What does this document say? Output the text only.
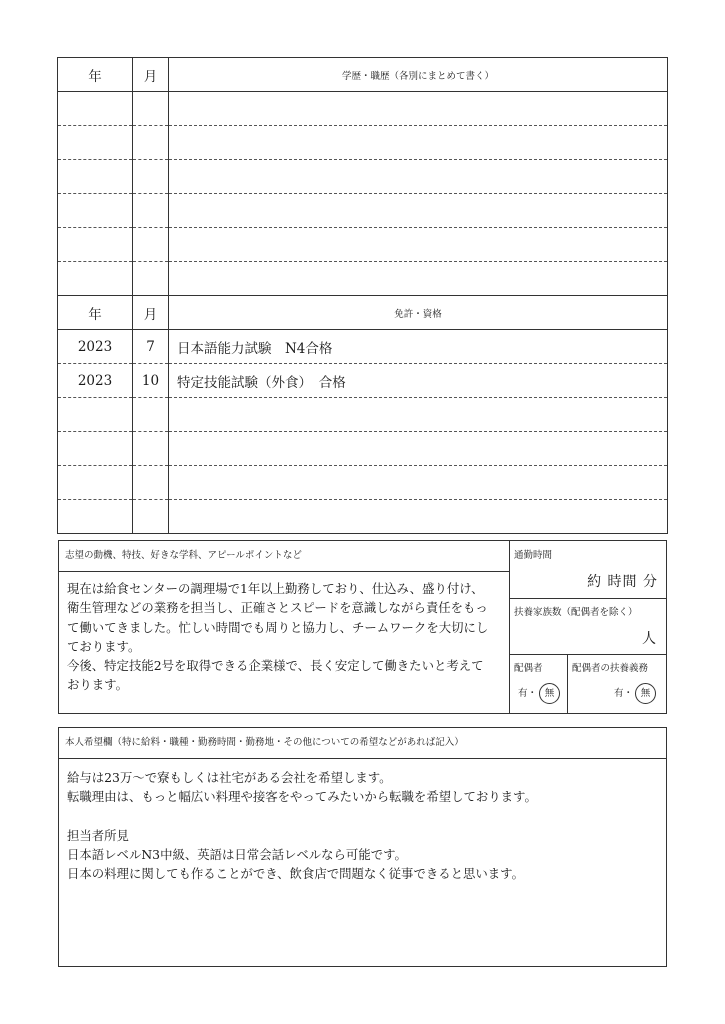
年	月	学歴・職歴（各別にまとめて書く）

年	月	免許・資格
2023	7	日本語能力試験　N4合格
2023	10	特定技能試験（外食）　合格

志望の動機、特技、好きな学科、アピールポイントなど
現在は給食センターの調理場で1年以上勤務しており、仕込み、盛り付け、
衛生管理などの業務を担当し、正確さとスピードを意識しながら責任をもっ
て働いてきました。忙しい時間でも周りと協力し、チームワークを大切にし
ております。
今後、特定技能2号を取得できる企業様で、長く安定して働きたいと考えて
おります。
通勤時間
約 時間 分
扶養家族数（配偶者を除く）
人
配偶者
有・ 無
配偶者の扶養義務
有・ 無
本人希望欄（特に給料・職種・勤務時間・勤務地・その他についての希望などがあれば記入）
給与は23万～で寮もしくは社宅がある会社を希望します。
転職理由は、もっと幅広い料理や接客をやってみたいから転職を希望しております。

担当者所見
日本語レベルN3中級、英語は日常会話レベルなら可能です。
日本の料理に関しても作ることができ、飲食店で問題なく従事できると思います。
